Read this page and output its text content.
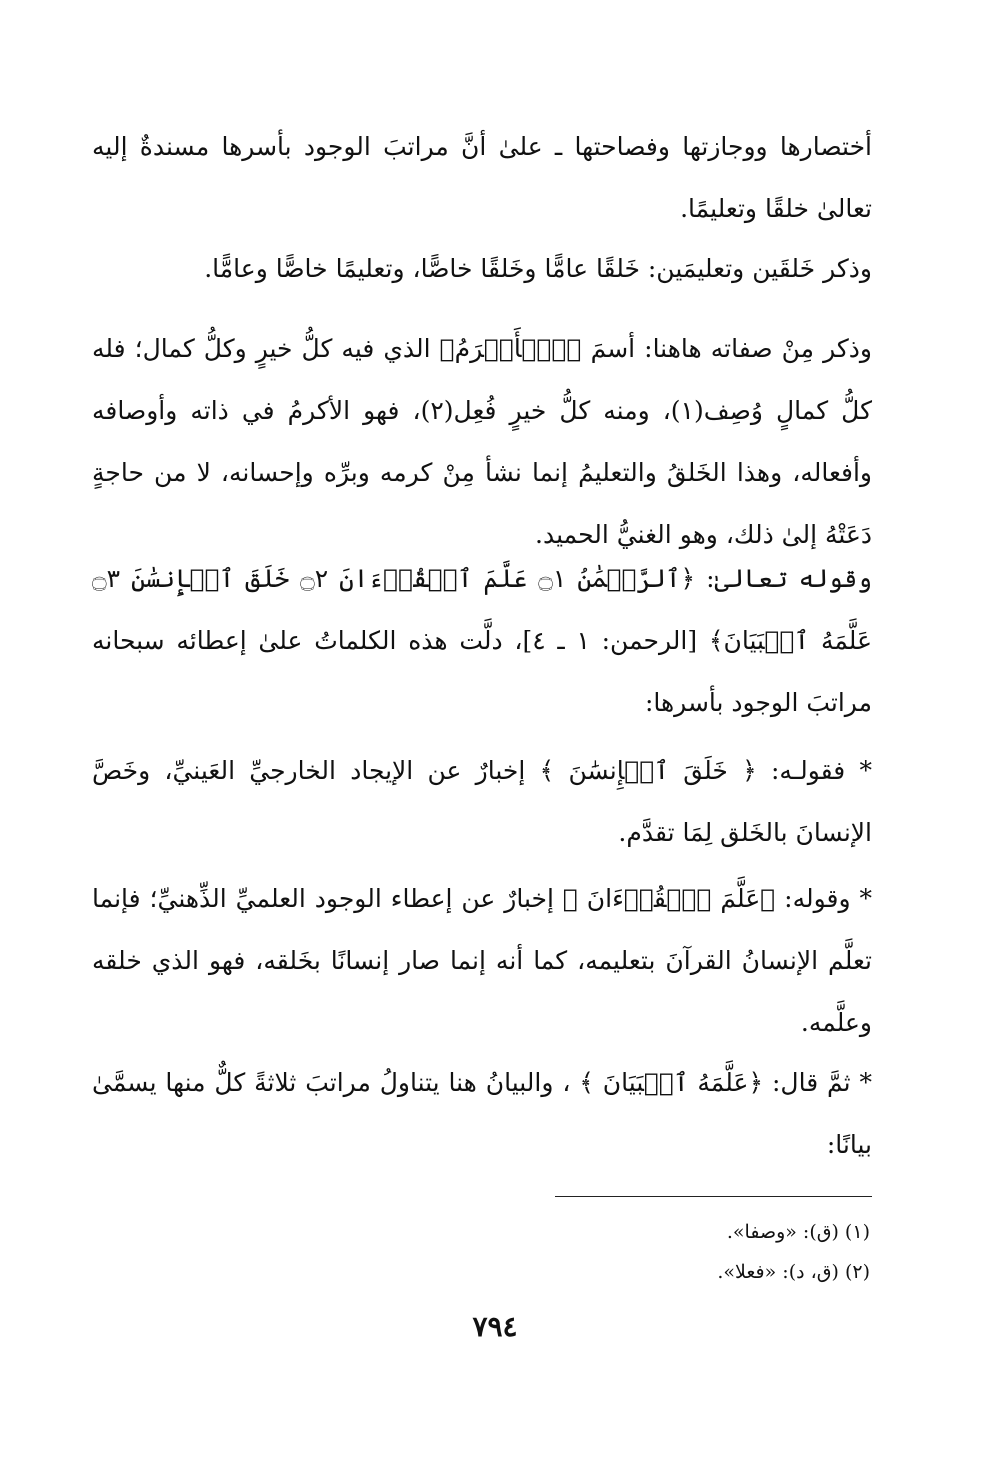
أختصارها ووجازتها وفصاحتها ـ علىٰ أنَّ مراتبَ الوجود بأسرها مسندةٌ إليه تعالىٰ خلقًا وتعليمًا.

وذكر خَلقَين وتعليمَين: خَلقًا عامًّا وخَلقًا خاصًّا، وتعليمًا خاصًّا وعامًّا.

وذكر مِنْ صفاته هاهنا: أسمَ ﴿ٱلۡأَكۡرَمُ﴾ الذي فيه كلُّ خيرٍ وكلُّ كمال؛ فله كلُّ كمالٍ وُصِف(١)، ومنه كلُّ خيرٍ فُعِل(٢)، فهو الأكرمُ في ذاته وأوصافه وأفعاله، وهذا الخَلقُ والتعليمُ إنما نشأ مِنْ كرمه وبرِّه وإحسانه، لا من حاجةٍ دَعَتْهُ إلىٰ ذلك، وهو الغنيُّ الحميد.

وقوله تعالىٰ: ﴿ٱلرَّحۡمَٰنُ ۝١ عَلَّمَ ٱلۡقُرۡءَانَ ۝٢ خَلَقَ ٱلۡإِنسَٰنَ ۝٣ عَلَّمَهُ ٱلۡبَيَانَ﴾ [الرحمن: ١ ـ ٤]، دلَّت هذه الكلماتُ علىٰ إعطائه سبحانه مراتبَ الوجود بأسرها:

* فقولـه: ﴿ خَلَقَ ٱلۡإِنسَٰنَ ﴾ إخبارٌ عن الإيجاد الخارجيِّ العَينيِّ، وخَصَّ الإنسانَ بالخَلق لِمَا تقدَّم.

* وقوله: ﴿عَلَّمَ ٱلۡقُرۡءَانَ ﴾ إخبارٌ عن إعطاء الوجود العلميِّ الذِّهنيِّ؛ فإنما تعلَّم الإنسانُ القرآنَ بتعليمه، كما أنه إنما صار إنسانًا بخَلقه، فهو الذي خلقه وعلَّمه.

* ثمَّ قال: ﴿عَلَّمَهُ ٱلۡبَيَانَ ﴾ ، والبيانُ هنا يتناولُ مراتبَ ثلاثةً كلٌّ منها يسمَّىٰ بيانًا:

(١) (ق): «وصفا».
(٢) (ق، د): «فعلا».
٧٩٤
